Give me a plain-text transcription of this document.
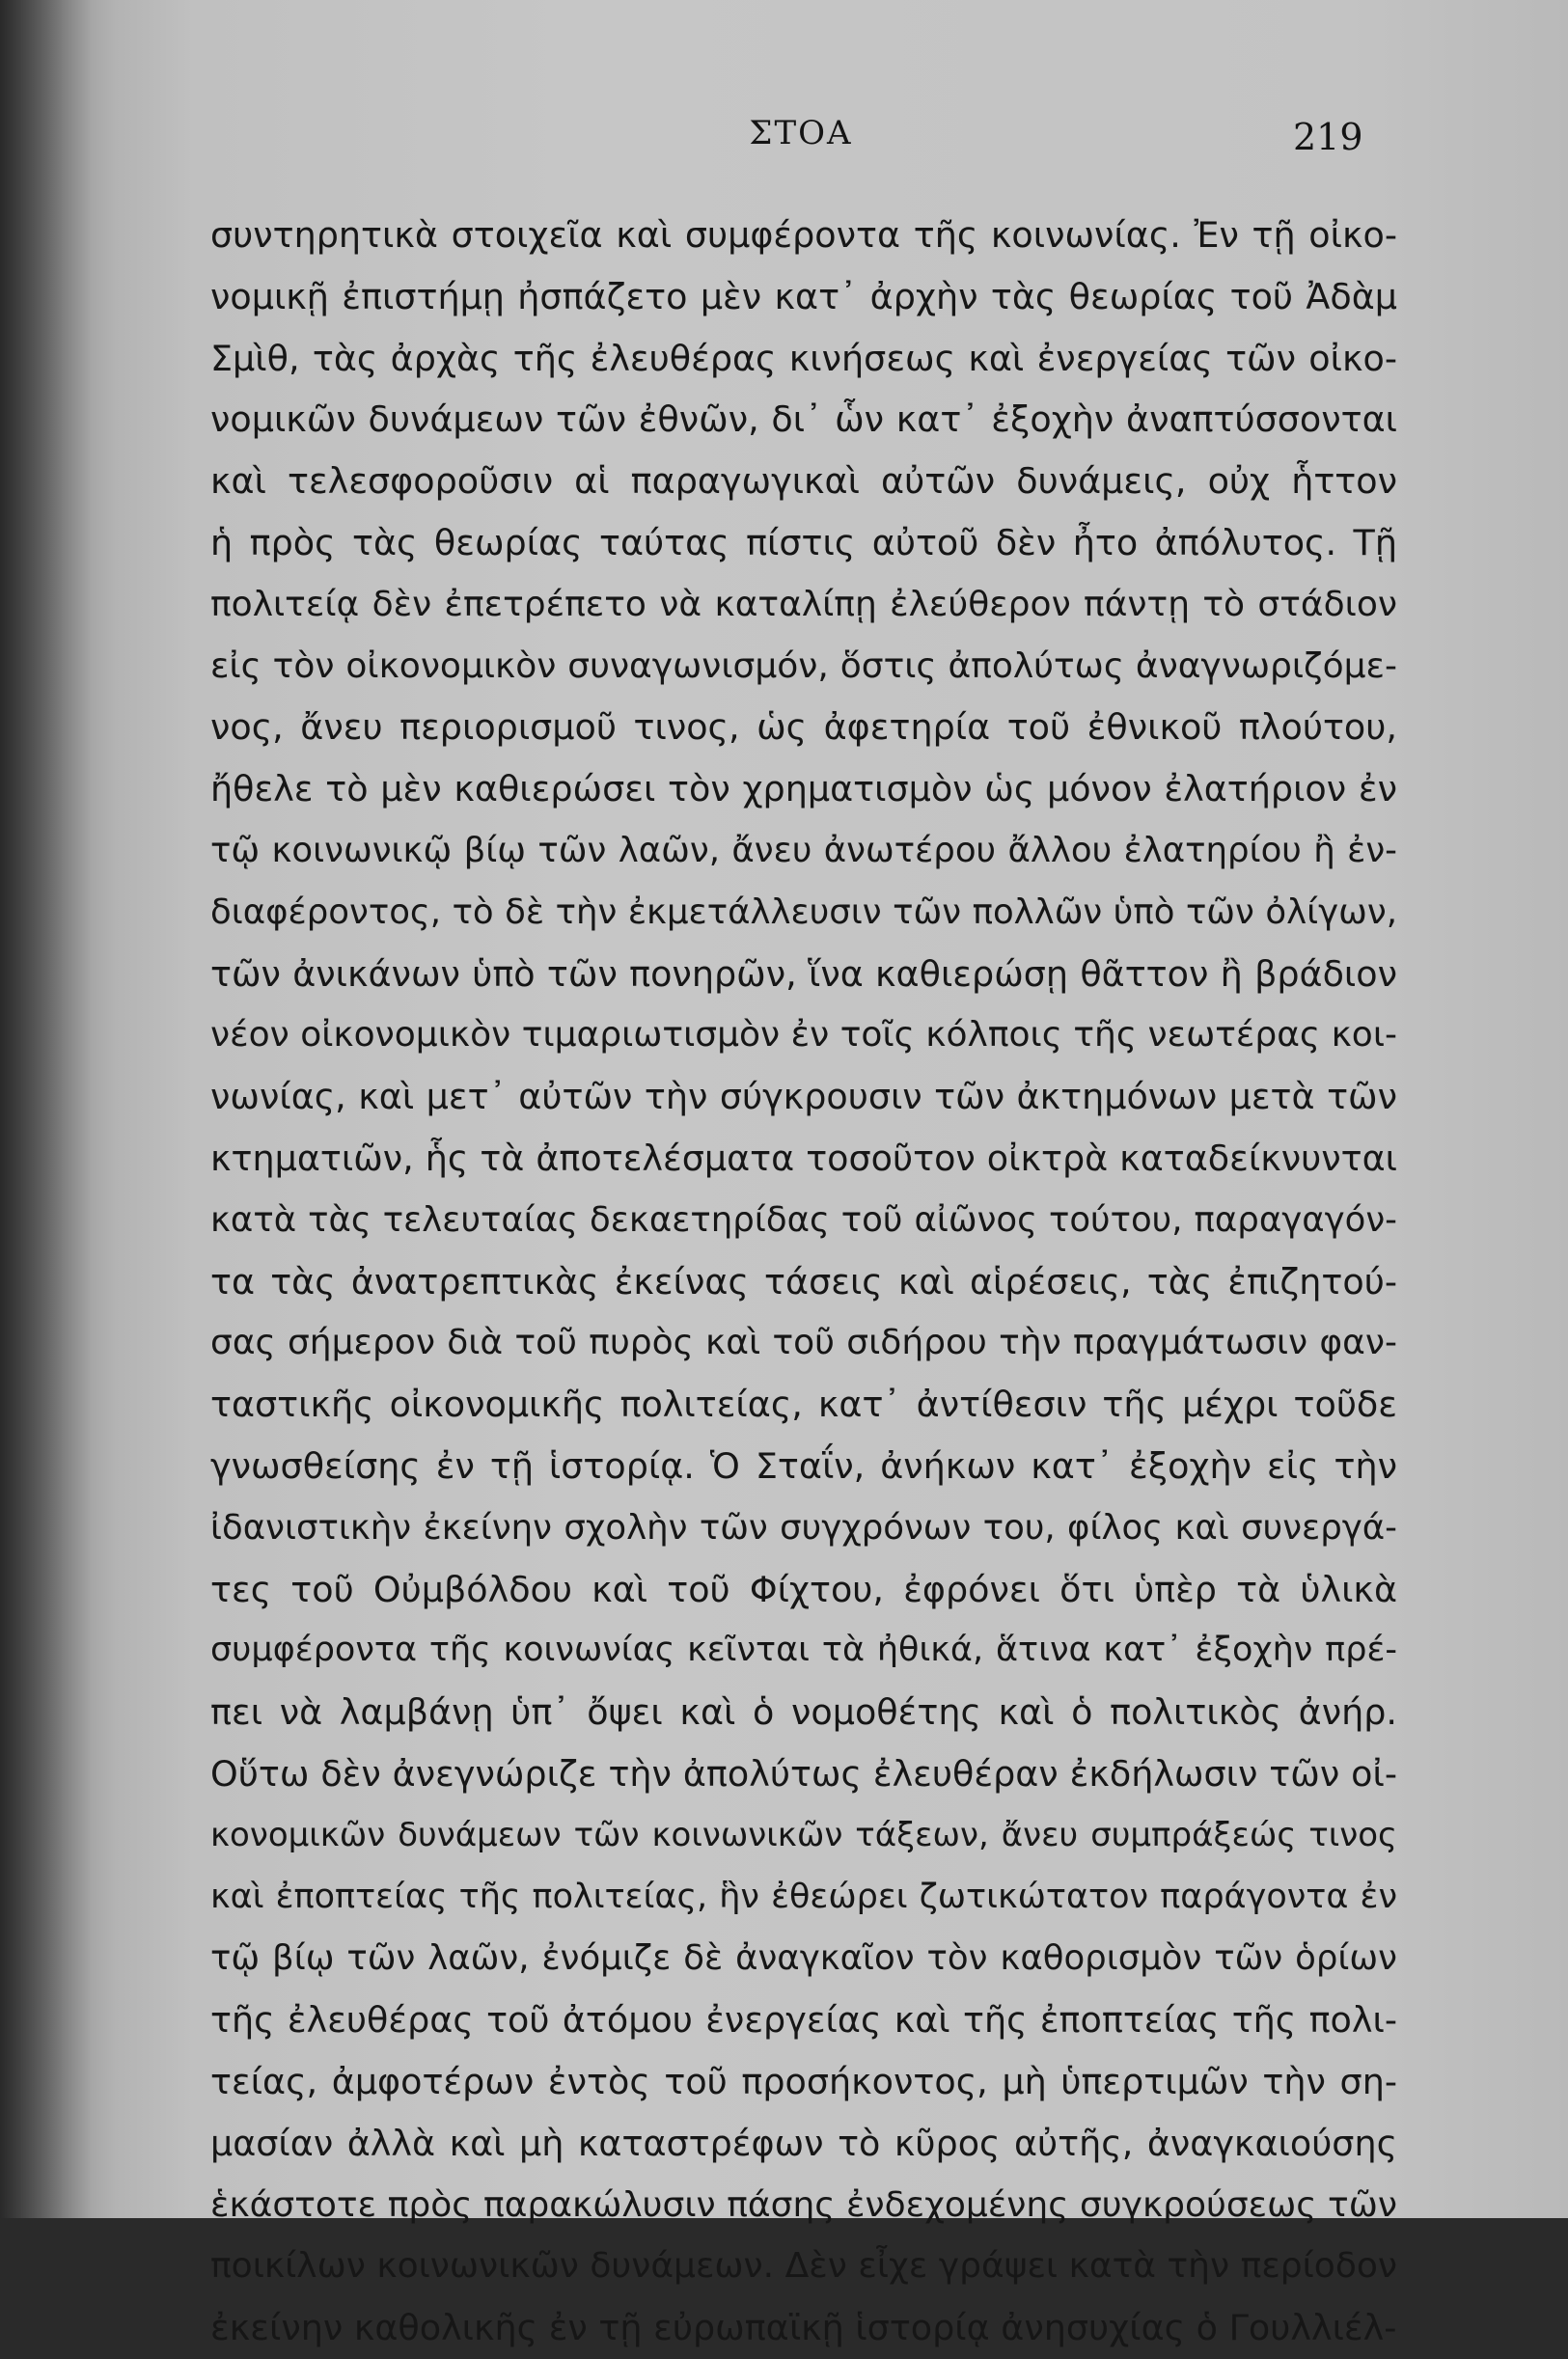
ΣΤΟΑ	219
συντηρητικὰ στοιχεῖα καὶ συμφέροντα τῆς κοινωνίας. Ἐν τῇ οἰκο-
νομικῇ ἐπιστήμῃ ἠσπάζετο μὲν κατ᾽ ἀρχὴν τὰς θεωρίας τοῦ Ἀδὰμ
Σμὶθ, τὰς ἀρχὰς τῆς ἐλευθέρας κινήσεως καὶ ἐνεργείας τῶν οἰκο-
νομικῶν δυνάμεων τῶν ἐθνῶν, δι᾽ ὧν κατ᾽ ἐξοχὴν ἀναπτύσσονται
καὶ τελεσφοροῦσιν αἱ παραγωγικαὶ αὐτῶν δυνάμεις, οὐχ ἧττον
ἡ πρὸς τὰς θεωρίας ταύτας πίστις αὐτοῦ δὲν ἦτο ἀπόλυτος. Τῇ
πολιτείᾳ δὲν ἐπετρέπετο νὰ καταλίπῃ ἐλεύθερον πάντῃ τὸ στάδιον
εἰς τὸν οἰκονομικὸν συναγωνισμόν, ὅστις ἀπολύτως ἀναγνωριζόμε-
νος, ἄνευ περιορισμοῦ τινος, ὡς ἀφετηρία τοῦ ἐθνικοῦ πλούτου,
ἤθελε τὸ μὲν καθιερώσει τὸν χρηματισμὸν ὡς μόνον ἐλατήριον ἐν
τῷ κοινωνικῷ βίῳ τῶν λαῶν, ἄνευ ἀνωτέρου ἄλλου ἐλατηρίου ἢ ἐν-
διαφέροντος, τὸ δὲ τὴν ἐκμετάλλευσιν τῶν πολλῶν ὑπὸ τῶν ὀλίγων,
τῶν ἀνικάνων ὑπὸ τῶν πονηρῶν, ἵνα καθιερώσῃ θᾶττον ἢ βράδιον
νέον οἰκονομικὸν τιμαριωτισμὸν ἐν τοῖς κόλποις τῆς νεωτέρας κοι-
νωνίας, καὶ μετ᾽ αὐτῶν τὴν σύγκρουσιν τῶν ἀκτημόνων μετὰ τῶν
κτηματιῶν, ἧς τὰ ἀποτελέσματα τοσοῦτον οἰκτρὰ καταδείκνυνται
κατὰ τὰς τελευταίας δεκαετηρίδας τοῦ αἰῶνος τούτου, παραγαγόν-
τα τὰς ἀνατρεπτικὰς ἐκείνας τάσεις καὶ αἱρέσεις, τὰς ἐπιζητού-
σας σήμερον διὰ τοῦ πυρὸς καὶ τοῦ σιδήρου τὴν πραγμάτωσιν φαν-
ταστικῆς οἰκονομικῆς πολιτείας, κατ᾽ ἀντίθεσιν τῆς μέχρι τοῦδε
γνωσθείσης ἐν τῇ ἱστορίᾳ. Ὁ Σταΐν, ἀνήκων κατ᾽ ἐξοχὴν εἰς τὴν
ἰδανιστικὴν ἐκείνην σχολὴν τῶν συγχρόνων του, φίλος καὶ συνεργά-
τες τοῦ Οὐμβόλδου καὶ τοῦ Φίχτου, ἐφρόνει ὅτι ὑπὲρ τὰ ὑλικὰ
συμφέροντα τῆς κοινωνίας κεῖνται τὰ ἠθικά, ἅτινα κατ᾽ ἐξοχὴν πρέ-
πει νὰ λαμβάνῃ ὑπ᾽ ὄψει καὶ ὁ νομοθέτης καὶ ὁ πολιτικὸς ἀνήρ.
Οὕτω δὲν ἀνεγνώριζε τὴν ἀπολύτως ἐλευθέραν ἐκδήλωσιν τῶν οἰ-
κονομικῶν δυνάμεων τῶν κοινωνικῶν τάξεων, ἄνευ συμπράξεώς τινος
καὶ ἐποπτείας τῆς πολιτείας, ἣν ἐθεώρει ζωτικώτατον παράγοντα ἐν
τῷ βίῳ τῶν λαῶν, ἐνόμιζε δὲ ἀναγκαῖον τὸν καθορισμὸν τῶν ὁρίων
τῆς ἐλευθέρας τοῦ ἀτόμου ἐνεργείας καὶ τῆς ἐποπτείας τῆς πολι-
τείας, ἀμφοτέρων ἐντὸς τοῦ προσήκοντος, μὴ ὑπερτιμῶν τὴν ση-
μασίαν ἀλλὰ καὶ μὴ καταστρέφων τὸ κῦρος αὐτῆς, ἀναγκαιούσης
ἑκάστοτε πρὸς παρακώλυσιν πάσης ἐνδεχομένης συγκρούσεως τῶν
ποικίλων κοινωνικῶν δυνάμεων. Δὲν εἶχε γράψει κατὰ τὴν περίοδον
ἐκείνην καθολικῆς ἐν τῇ εὐρωπαϊκῇ ἱστορίᾳ ἀνησυχίας ὁ Γουλλιέλ-
